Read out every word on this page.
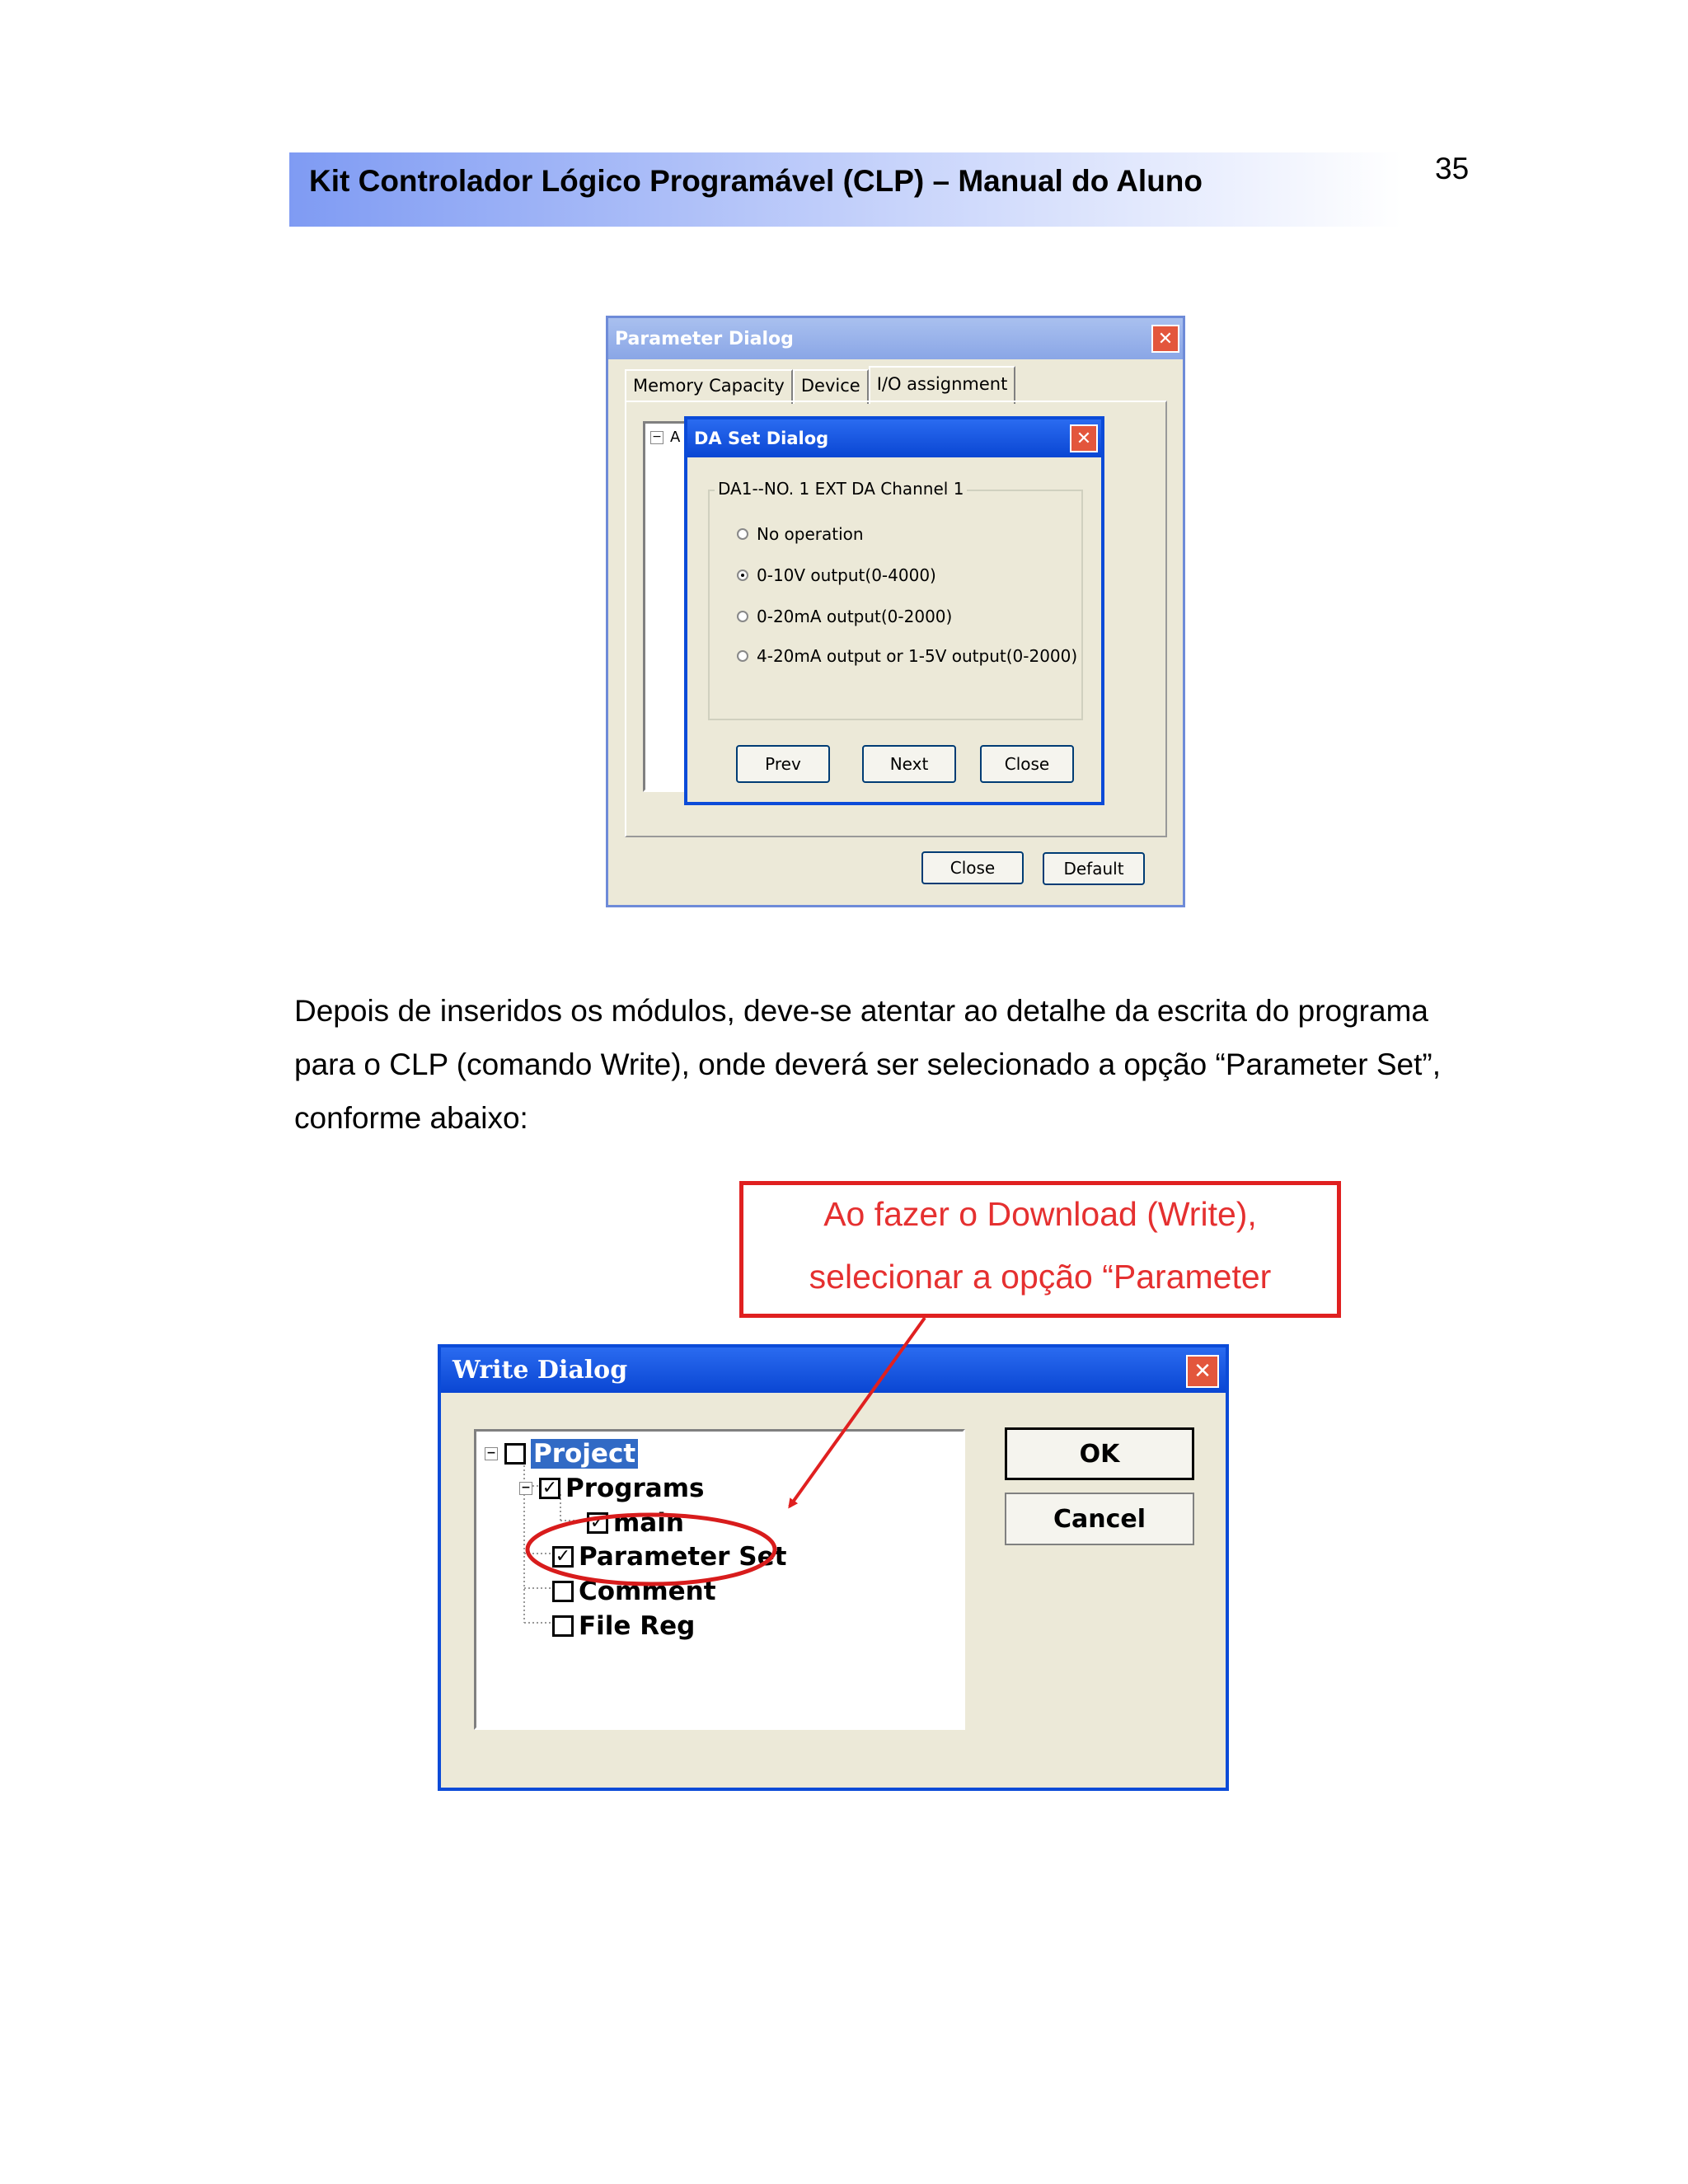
Kit Controlador Lógico Programável (CLP) – Manual do Aluno	35
Parameter Dialog	✕
Memory Capacity Device I/O assignment
− A
Close	Default
DA Set Dialog	✕
DA1--NO. 1 EXT DA Channel 1
No operation
0-10V output(0-4000)
0-20mA output(0-2000)
4-20mA output or 1-5V output(0-2000)
Prev	Next	Close
Depois de inseridos os módulos, deve-se atentar ao detalhe da escrita do programa
para o CLP (comando Write), onde deverá ser selecionado a opção “Parameter Set”,
conforme abaixo:
Ao fazer o Download (Write),
selecionar a opção “Parameter
Write Dialog	✕
− Project
− ✓ Programs
✓ main
✓ Parameter Set
Comment
File Reg
OK
Cancel
